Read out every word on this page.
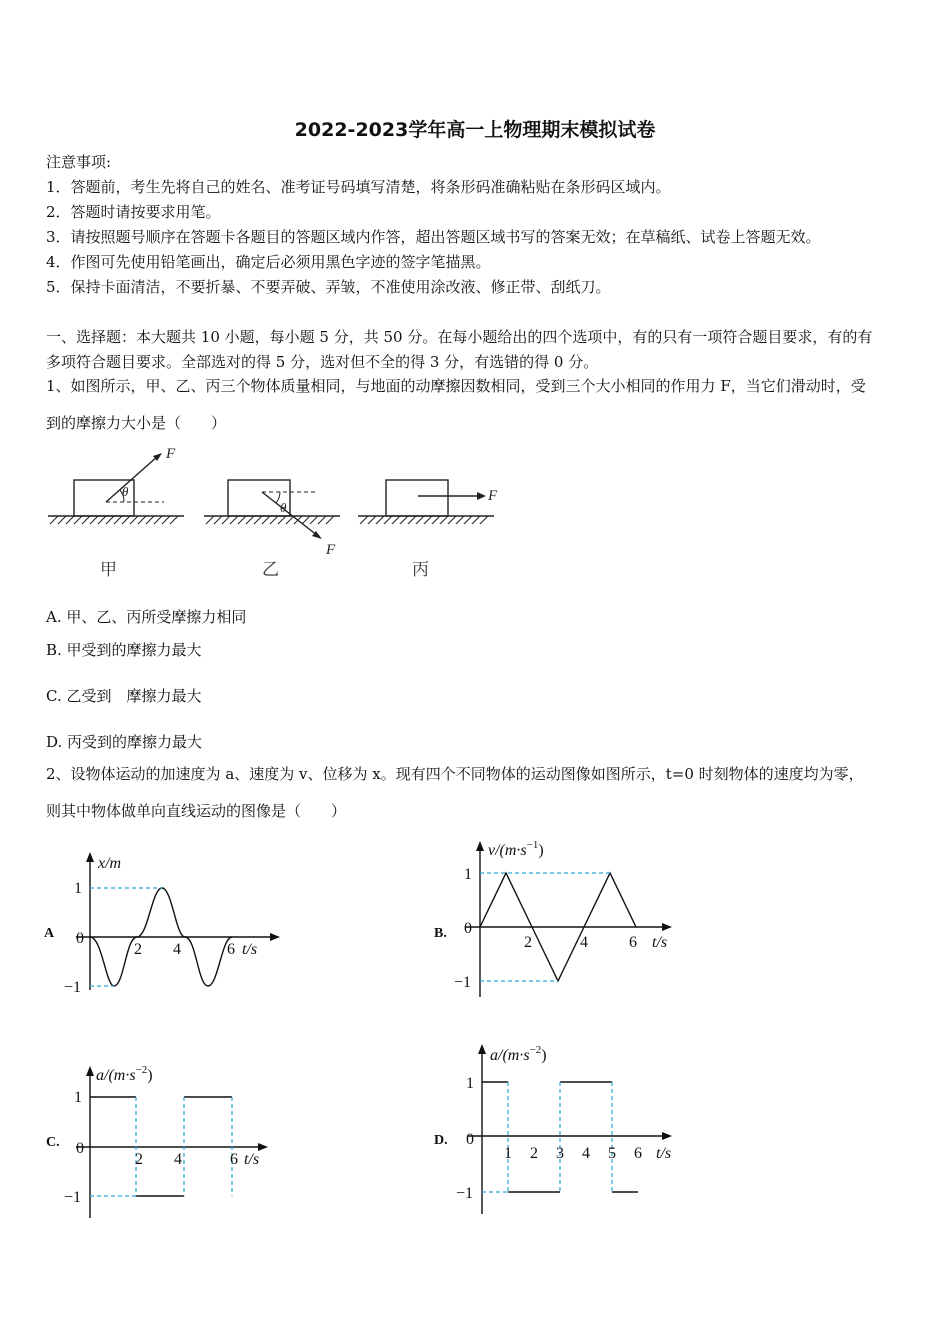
2022-2023学年高一上物理期末模拟试卷
注意事项:
1．答题前，考生先将自己的姓名、准考证号码填写清楚，将条形码准确粘贴在条形码区域内。
2．答题时请按要求用笔。
3．请按照题号顺序在答题卡各题目的答题区域内作答，超出答题区域书写的答案无效；在草稿纸、试卷上答题无效。
4．作图可先使用铅笔画出，确定后必须用黑色字迹的签字笔描黑。
5．保持卡面清洁，不要折暴、不要弄破、弄皱，不准使用涂改液、修正带、刮纸刀。
一、选择题：本大题共 10 小题，每小题 5 分，共 50 分。在每小题给出的四个选项中，有的只有一项符合题目要求，有的有
多项符合题目要求。全部选对的得 5 分，选对但不全的得 3 分，有选错的得 0 分。
1、如图所示，甲、乙、丙三个物体质量相同，与地面的动摩擦因数相同，受到三个大小相同的作用力 F，当它们滑动时，受
到的摩擦力大小是（　　）
F
θ
F
θ
F
甲	乙	丙
A. 甲、乙、丙所受摩擦力相同
B. 甲受到的摩擦力最大
C. 乙受到　摩擦力最大
D. 丙受到的摩擦力最大
2、设物体运动的加速度为 a、速度为 v、位移为 x。现有四个不同物体的运动图像如图所示，t=0 时刻物体的速度均为零，
则其中物体做单向直线运动的图像是（　　）
A
x/m
1
0
−1
2 4	6 t/s
B.
$v/(m\cdot s^{-1})$
1
0
−1
2	4	6 t/s
C.
$a/(m\cdot s^{-2})$
1
0
−1
2 4	6 t/s
D.
$a/(m\cdot s^{-2})$
1
0
−1
1 2 3 4 5 6 t/s
